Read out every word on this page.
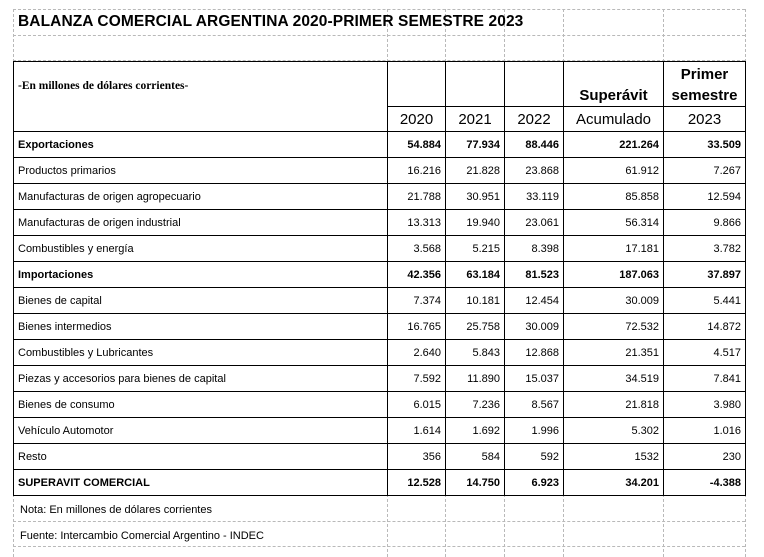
BALANZA COMERCIAL ARGENTINA 2020-PRIMER SEMESTRE 2023
$^{-En millones de dólares corrientes-}$				Superávit	Primer
semestre

	2020	2021	2022	Acumulado	2023
Exportaciones	54.884	77.934	88.446	221.264	33.509
Productos primarios	16.216	21.828	23.868	61.912	7.267
Manufacturas de origen agropecuario	21.788	30.951	33.119	85.858	12.594
Manufacturas de origen industrial	13.313	19.940	23.061	56.314	9.866
Combustibles y energía	3.568	5.215	8.398	17.181	3.782
Importaciones	42.356	63.184	81.523	187.063	37.897
Bienes de capital	7.374	10.181	12.454	30.009	5.441
Bienes intermedios	16.765	25.758	30.009	72.532	14.872
Combustibles y Lubricantes	2.640	5.843	12.868	21.351	4.517
Piezas y accesorios para bienes de capital	7.592	11.890	15.037	34.519	7.841
Bienes de consumo	6.015	7.236	8.567	21.818	3.980
Vehículo Automotor	1.614	1.692	1.996	5.302	1.016
Resto	356	584	592	1532	230
SUPERAVIT COMERCIAL	12.528	14.750	6.923	34.201	-4.388
Nota: En millones de dólares corrientes
Fuente: Intercambio Comercial Argentino - INDEC
